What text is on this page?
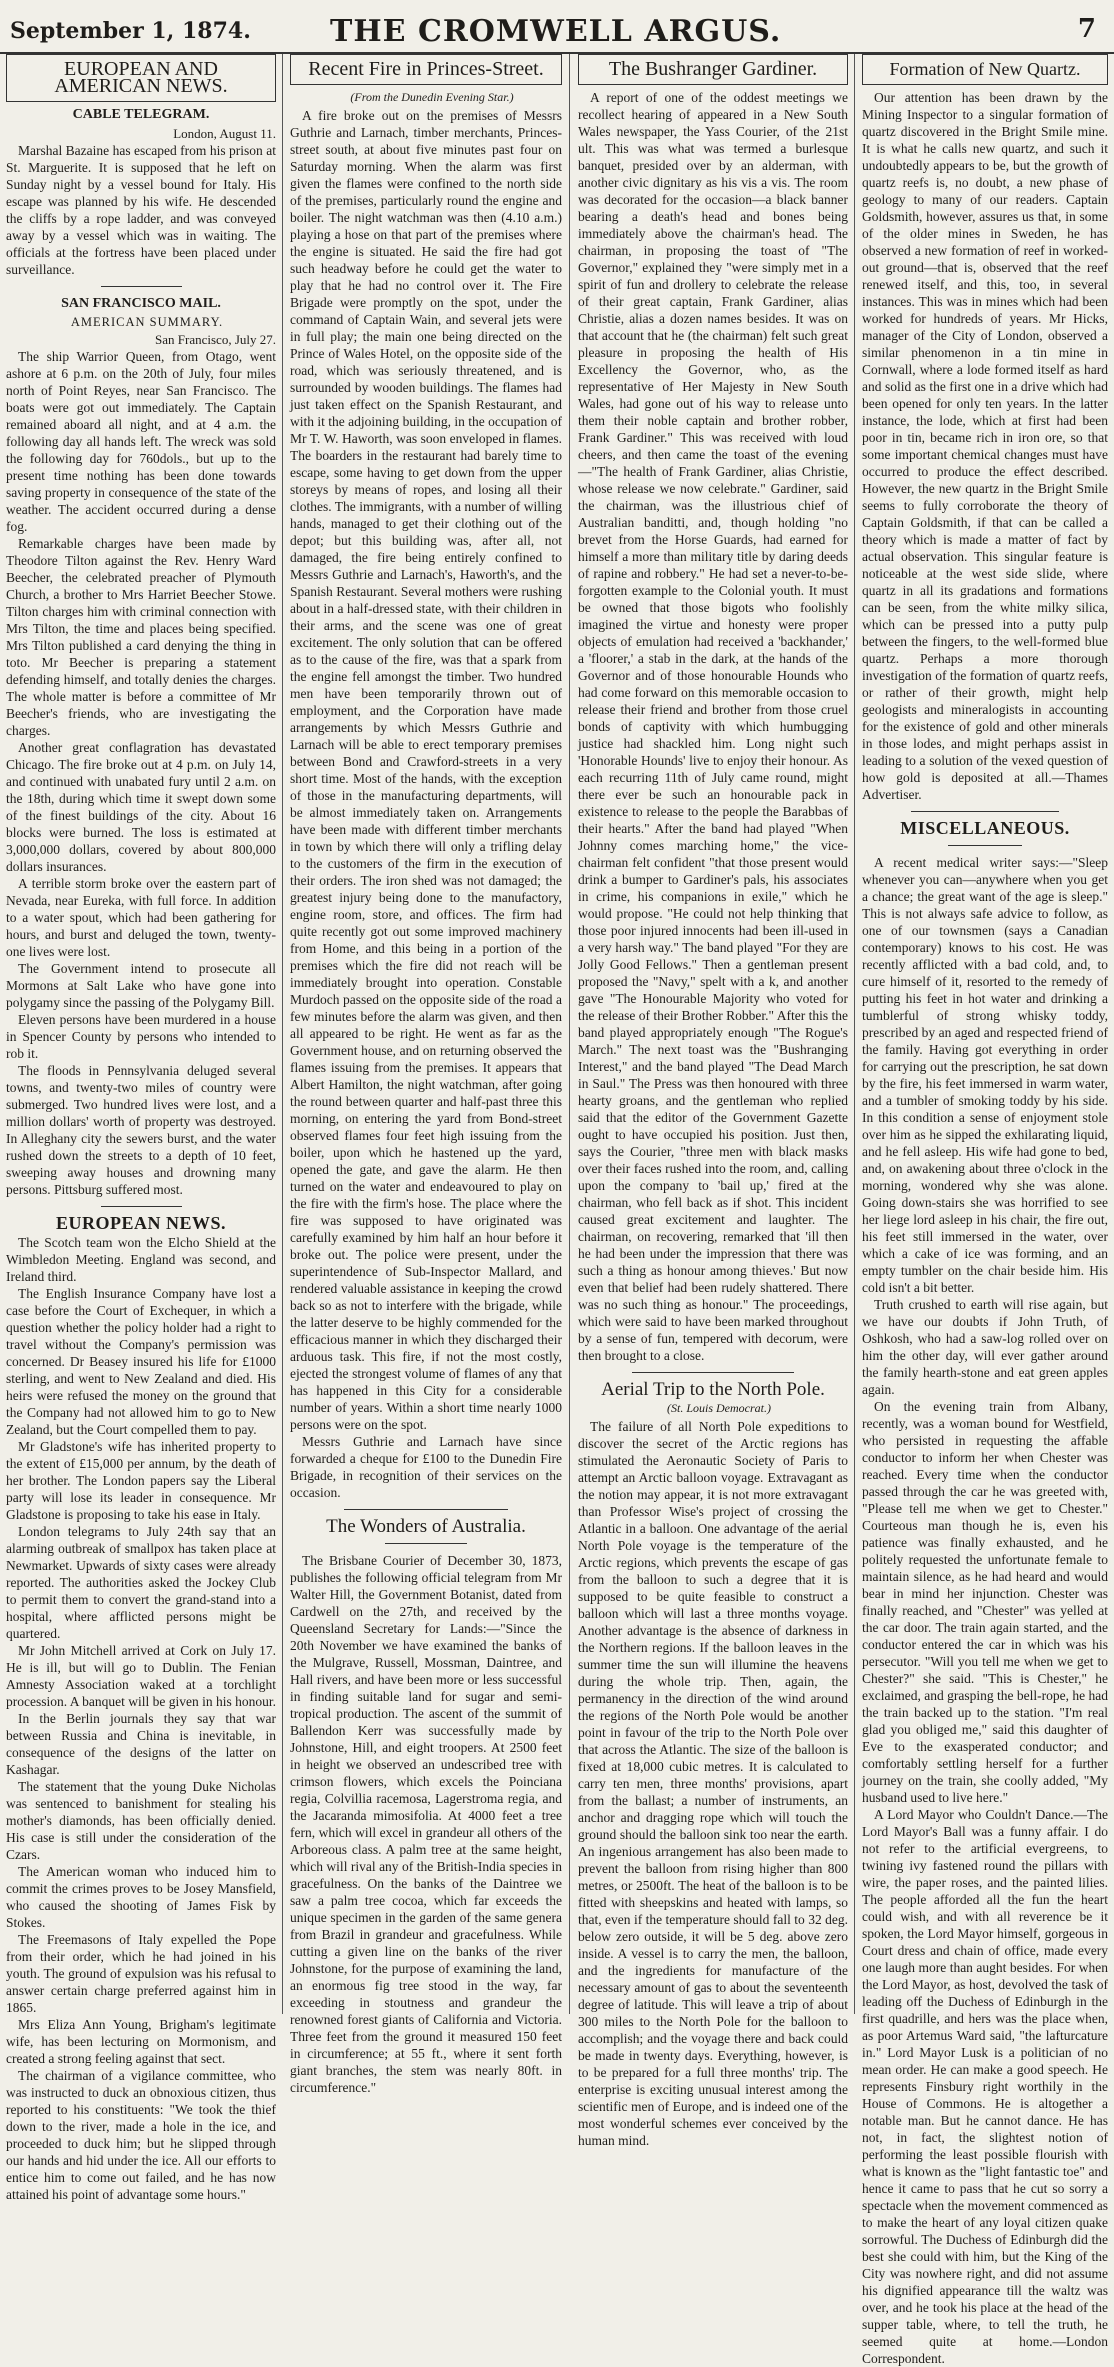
September 1, 1874.	THE CROMWELL ARGUS.	7
EUROPEAN AND AMERICAN NEWS.
CABLE TELEGRAM.

London, August 11.

Marshal Bazaine has escaped from his prison at St. Marguerite. It is supposed that he left on Sunday night by a vessel bound for Italy. His escape was planned by his wife. He descended the cliffs by a rope ladder, and was conveyed away by a vessel which was in waiting. The officials at the fortress have been placed under surveillance.

SAN FRANCISCO MAIL.

AMERICAN SUMMARY.

San Francisco, July 27.

The ship Warrior Queen, from Otago, went ashore at 6 p.m. on the 20th of July, four miles north of Point Reyes, near San Francisco. The boats were got out immediately. The Captain remained aboard all night, and at 4 a.m. the following day all hands left. The wreck was sold the following day for 760dols., but up to the present time nothing has been done towards saving property in consequence of the state of the weather. The accident occurred during a dense fog.

Remarkable charges have been made by Theodore Tilton against the Rev. Henry Ward Beecher, the celebrated preacher of Plymouth Church, a brother to Mrs Harriet Beecher Stowe. Tilton charges him with criminal connection with Mrs Tilton, the time and places being specified. Mrs Tilton published a card denying the thing in toto. Mr Beecher is preparing a statement defending himself, and totally denies the charges. The whole matter is before a committee of Mr Beecher's friends, who are investigating the charges.

Another great conflagration has devastated Chicago. The fire broke out at 4 p.m. on July 14, and continued with unabated fury until 2 a.m. on the 18th, during which time it swept down some of the finest buildings of the city. About 16 blocks were burned. The loss is estimated at 3,000,000 dollars, covered by about 800,000 dollars insurances.

A terrible storm broke over the eastern part of Nevada, near Eureka, with full force. In addition to a water spout, which had been gathering for hours, and burst and deluged the town, twenty-one lives were lost.

The Government intend to prosecute all Mormons at Salt Lake who have gone into polygamy since the passing of the Polygamy Bill.

Eleven persons have been murdered in a house in Spencer County by persons who intended to rob it.

The floods in Pennsylvania deluged several towns, and twenty-two miles of country were submerged. Two hundred lives were lost, and a million dollars' worth of property was destroyed. In Alleghany city the sewers burst, and the water rushed down the streets to a depth of 10 feet, sweeping away houses and drowning many persons. Pittsburg suffered most.

EUROPEAN NEWS.

The Scotch team won the Elcho Shield at the Wimbledon Meeting. England was second, and Ireland third.

The English Insurance Company have lost a case before the Court of Exchequer, in which a question whether the policy holder had a right to travel without the Company's permission was concerned. Dr Beasey insured his life for £1000 sterling, and went to New Zealand and died. His heirs were refused the money on the ground that the Company had not allowed him to go to New Zealand, but the Court compelled them to pay.

Mr Gladstone's wife has inherited property to the extent of £15,000 per annum, by the death of her brother. The London papers say the Liberal party will lose its leader in consequence. Mr Gladstone is proposing to take his ease in Italy.

London telegrams to July 24th say that an alarming outbreak of smallpox has taken place at Newmarket. Upwards of sixty cases were already reported. The authorities asked the Jockey Club to permit them to convert the grand-stand into a hospital, where afflicted persons might be quartered.

Mr John Mitchell arrived at Cork on July 17. He is ill, but will go to Dublin. The Fenian Amnesty Association waked at a torchlight procession. A banquet will be given in his honour.

In the Berlin journals they say that war between Russia and China is inevitable, in consequence of the designs of the latter on Kashagar.

The statement that the young Duke Nicholas was sentenced to banishment for stealing his mother's diamonds, has been officially denied. His case is still under the consideration of the Czars.

The American woman who induced him to commit the crimes proves to be Josey Mansfield, who caused the shooting of James Fisk by Stokes.

The Freemasons of Italy expelled the Pope from their order, which he had joined in his youth. The ground of expulsion was his refusal to answer certain charge preferred against him in 1865.

Mrs Eliza Ann Young, Brigham's legitimate wife, has been lecturing on Mormonism, and created a strong feeling against that sect.

The chairman of a vigilance committee, who was instructed to duck an obnoxious citizen, thus reported to his constituents: "We took the thief down to the river, made a hole in the ice, and proceeded to duck him; but he slipped through our hands and hid under the ice. All our efforts to entice him to come out failed, and he has now attained his point of advantage some hours."

Recent Fire in Princes-Street.

(From the Dunedin Evening Star.)

A fire broke out on the premises of Messrs Guthrie and Larnach, timber merchants, Princes-street south, at about five minutes past four on Saturday morning. When the alarm was first given the flames were confined to the north side of the premises, particularly round the engine and boiler. The night watchman was then (4.10 a.m.) playing a hose on that part of the premises where the engine is situated. He said the fire had got such headway before he could get the water to play that he had no control over it. The Fire Brigade were promptly on the spot, under the command of Captain Wain, and several jets were in full play; the main one being directed on the Prince of Wales Hotel, on the opposite side of the road, which was seriously threatened, and is surrounded by wooden buildings. The flames had just taken effect on the Spanish Restaurant, and with it the adjoining building, in the occupation of Mr T. W. Haworth, was soon enveloped in flames. The boarders in the restaurant had barely time to escape, some having to get down from the upper storeys by means of ropes, and losing all their clothes. The immigrants, with a number of willing hands, managed to get their clothing out of the depot; but this building was, after all, not damaged, the fire being entirely confined to Messrs Guthrie and Larnach's, Haworth's, and the Spanish Restaurant. Several mothers were rushing about in a half-dressed state, with their children in their arms, and the scene was one of great excitement. The only solution that can be offered as to the cause of the fire, was that a spark from the engine fell amongst the timber. Two hundred men have been temporarily thrown out of employment, and the Corporation have made arrangements by which Messrs Guthrie and Larnach will be able to erect temporary premises between Bond and Crawford-streets in a very short time. Most of the hands, with the exception of those in the manufacturing departments, will be almost immediately taken on. Arrangements have been made with different timber merchants in town by which there will only a trifling delay to the customers of the firm in the execution of their orders. The iron shed was not damaged; the greatest injury being done to the manufactory, engine room, store, and offices. The firm had quite recently got out some improved machinery from Home, and this being in a portion of the premises which the fire did not reach will be immediately brought into operation. Constable Murdoch passed on the opposite side of the road a few minutes before the alarm was given, and then all appeared to be right. He went as far as the Government house, and on returning observed the flames issuing from the premises. It appears that Albert Hamilton, the night watchman, after going the round between quarter and half-past three this morning, on entering the yard from Bond-street observed flames four feet high issuing from the boiler, upon which he hastened up the yard, opened the gate, and gave the alarm. He then turned on the water and endeavoured to play on the fire with the firm's hose. The place where the fire was supposed to have originated was carefully examined by him half an hour before it broke out. The police were present, under the superintendence of Sub-Inspector Mallard, and rendered valuable assistance in keeping the crowd back so as not to interfere with the brigade, while the latter deserve to be highly commended for the efficacious manner in which they discharged their arduous task. This fire, if not the most costly, ejected the strongest volume of flames of any that has happened in this City for a considerable number of years. Within a short time nearly 1000 persons were on the spot.

Messrs Guthrie and Larnach have since forwarded a cheque for £100 to the Dunedin Fire Brigade, in recognition of their services on the occasion.

The Wonders of Australia.

The Brisbane Courier of December 30, 1873, publishes the following official telegram from Mr Walter Hill, the Government Botanist, dated from Cardwell on the 27th, and received by the Queensland Secretary for Lands:—"Since the 20th November we have examined the banks of the Mulgrave, Russell, Mossman, Daintree, and Hall rivers, and have been more or less successful in finding suitable land for sugar and semi-tropical production. The ascent of the summit of Ballendon Kerr was successfully made by Johnstone, Hill, and eight troopers. At 2500 feet in height we observed an undescribed tree with crimson flowers, which excels the Poinciana regia, Colvillia racemosa, Lagerstroma regia, and the Jacaranda mimosifolia. At 4000 feet a tree fern, which will excel in grandeur all others of the Arboreous class. A palm tree at the same height, which will rival any of the British-India species in gracefulness. On the banks of the Daintree we saw a palm tree cocoa, which far exceeds the unique specimen in the garden of the same genera from Brazil in grandeur and gracefulness. While cutting a given line on the banks of the river Johnstone, for the purpose of examining the land, an enormous fig tree stood in the way, far exceeding in stoutness and grandeur the renowned forest giants of California and Victoria. Three feet from the ground it measured 150 feet in circumference; at 55 ft., where it sent forth giant branches, the stem was nearly 80ft. in circumference."

The Bushranger Gardiner.

A report of one of the oddest meetings we recollect hearing of appeared in a New South Wales newspaper, the Yass Courier, of the 21st ult. This was what was termed a burlesque banquet, presided over by an alderman, with another civic dignitary as his vis a vis. The room was decorated for the occasion—a black banner bearing a death's head and bones being immediately above the chairman's head. The chairman, in proposing the toast of "The Governor," explained they "were simply met in a spirit of fun and drollery to celebrate the release of their great captain, Frank Gardiner, alias Christie, alias a dozen names besides. It was on that account that he (the chairman) felt such great pleasure in proposing the health of His Excellency the Governor, who, as the representative of Her Majesty in New South Wales, had gone out of his way to release unto them their noble captain and brother robber, Frank Gardiner." This was received with loud cheers, and then came the toast of the evening—"The health of Frank Gardiner, alias Christie, whose release we now celebrate." Gardiner, said the chairman, was the illustrious chief of Australian banditti, and, though holding "no brevet from the Horse Guards, had earned for himself a more than military title by daring deeds of rapine and robbery." He had set a never-to-be-forgotten example to the Colonial youth. It must be owned that those bigots who foolishly imagined the virtue and honesty were proper objects of emulation had received a 'backhander,' a 'floorer,' a stab in the dark, at the hands of the Governor and of those honourable Hounds who had come forward on this memorable occasion to release their friend and brother from those cruel bonds of captivity with which humbugging justice had shackled him. Long night such 'Honorable Hounds' live to enjoy their honour. As each recurring 11th of July came round, might there ever be such an honourable pack in existence to release to the people the Barabbas of their hearts." After the band had played "When Johnny comes marching home," the vice-chairman felt confident "that those present would drink a bumper to Gardiner's pals, his associates in crime, his companions in exile," which he would propose. "He could not help thinking that those poor injured innocents had been ill-used in a very harsh way." The band played "For they are Jolly Good Fellows." Then a gentleman present proposed the "Navy," spelt with a k, and another gave "The Honourable Majority who voted for the release of their Brother Robber." After this the band played appropriately enough "The Rogue's March." The next toast was the "Bushranging Interest," and the band played "The Dead March in Saul." The Press was then honoured with three hearty groans, and the gentleman who replied said that the editor of the Government Gazette ought to have occupied his position. Just then, says the Courier, "three men with black masks over their faces rushed into the room, and, calling upon the company to 'bail up,' fired at the chairman, who fell back as if shot. This incident caused great excitement and laughter. The chairman, on recovering, remarked that 'ill then he had been under the impression that there was such a thing as honour among thieves.' But now even that belief had been rudely shattered. There was no such thing as honour." The proceedings, which were said to have been marked throughout by a sense of fun, tempered with decorum, were then brought to a close.

Aerial Trip to the North Pole.

(St. Louis Democrat.)

The failure of all North Pole expeditions to discover the secret of the Arctic regions has stimulated the Aeronautic Society of Paris to attempt an Arctic balloon voyage. Extravagant as the notion may appear, it is not more extravagant than Professor Wise's project of crossing the Atlantic in a balloon. One advantage of the aerial North Pole voyage is the temperature of the Arctic regions, which prevents the escape of gas from the balloon to such a degree that it is supposed to be quite feasible to construct a balloon which will last a three months voyage. Another advantage is the absence of darkness in the Northern regions. If the balloon leaves in the summer time the sun will illumine the heavens during the whole trip. Then, again, the permanency in the direction of the wind around the regions of the North Pole would be another point in favour of the trip to the North Pole over that across the Atlantic. The size of the balloon is fixed at 18,000 cubic metres. It is calculated to carry ten men, three months' provisions, apart from the ballast; a number of instruments, an anchor and dragging rope which will touch the ground should the balloon sink too near the earth. An ingenious arrangement has also been made to prevent the balloon from rising higher than 800 metres, or 2500ft. The heat of the balloon is to be fitted with sheepskins and heated with lamps, so that, even if the temperature should fall to 32 deg. below zero outside, it will be 5 deg. above zero inside. A vessel is to carry the men, the balloon, and the ingredients for manufacture of the necessary amount of gas to about the seventeenth degree of latitude. This will leave a trip of about 300 miles to the North Pole for the balloon to accomplish; and the voyage there and back could be made in twenty days. Everything, however, is to be prepared for a full three months' trip. The enterprise is exciting unusual interest among the scientific men of Europe, and is indeed one of the most wonderful schemes ever conceived by the human mind.

Formation of New Quartz.

Our attention has been drawn by the Mining Inspector to a singular formation of quartz discovered in the Bright Smile mine. It is what he calls new quartz, and such it undoubtedly appears to be, but the growth of quartz reefs is, no doubt, a new phase of geology to many of our readers. Captain Goldsmith, however, assures us that, in some of the older mines in Sweden, he has observed a new formation of reef in worked-out ground—that is, observed that the reef renewed itself, and this, too, in several instances. This was in mines which had been worked for hundreds of years. Mr Hicks, manager of the City of London, observed a similar phenomenon in a tin mine in Cornwall, where a lode formed itself as hard and solid as the first one in a drive which had been opened for only ten years. In the latter instance, the lode, which at first had been poor in tin, became rich in iron ore, so that some important chemical changes must have occurred to produce the effect described. However, the new quartz in the Bright Smile seems to fully corroborate the theory of Captain Goldsmith, if that can be called a theory which is made a matter of fact by actual observation. This singular feature is noticeable at the west side slide, where quartz in all its gradations and formations can be seen, from the white milky silica, which can be pressed into a putty pulp between the fingers, to the well-formed blue quartz. Perhaps a more thorough investigation of the formation of quartz reefs, or rather of their growth, might help geologists and mineralogists in accounting for the existence of gold and other minerals in those lodes, and might perhaps assist in leading to a solution of the vexed question of how gold is deposited at all.—Thames Advertiser.

MISCELLANEOUS.

A recent medical writer says:—"Sleep whenever you can—anywhere when you get a chance; the great want of the age is sleep." This is not always safe advice to follow, as one of our townsmen (says a Canadian contemporary) knows to his cost. He was recently afflicted with a bad cold, and, to cure himself of it, resorted to the remedy of putting his feet in hot water and drinking a tumblerful of strong whisky toddy, prescribed by an aged and respected friend of the family. Having got everything in order for carrying out the prescription, he sat down by the fire, his feet immersed in warm water, and a tumbler of smoking toddy by his side. In this condition a sense of enjoyment stole over him as he sipped the exhilarating liquid, and he fell asleep. His wife had gone to bed, and, on awakening about three o'clock in the morning, wondered why she was alone. Going down-stairs she was horrified to see her liege lord asleep in his chair, the fire out, his feet still immersed in the water, over which a cake of ice was forming, and an empty tumbler on the chair beside him. His cold isn't a bit better.

Truth crushed to earth will rise again, but we have our doubts if John Truth, of Oshkosh, who had a saw-log rolled over on him the other day, will ever gather around the family hearth-stone and eat green apples again.

On the evening train from Albany, recently, was a woman bound for Westfield, who persisted in requesting the affable conductor to inform her when Chester was reached. Every time when the conductor passed through the car he was greeted with, "Please tell me when we get to Chester." Courteous man though he is, even his patience was finally exhausted, and he politely requested the unfortunate female to maintain silence, as he had heard and would bear in mind her injunction. Chester was finally reached, and "Chester" was yelled at the car door. The train again started, and the conductor entered the car in which was his persecutor. "Will you tell me when we get to Chester?" she said. "This is Chester," he exclaimed, and grasping the bell-rope, he had the train backed up to the station. "I'm real glad you obliged me," said this daughter of Eve to the exasperated conductor; and comfortably settling herself for a further journey on the train, she coolly added, "My husband used to live here."

A Lord Mayor who Couldn't Dance.—The Lord Mayor's Ball was a funny affair. I do not refer to the artificial evergreens, to twining ivy fastened round the pillars with wire, the paper roses, and the painted lilies. The people afforded all the fun the heart could wish, and with all reverence be it spoken, the Lord Mayor himself, gorgeous in Court dress and chain of office, made every one laugh more than aught besides. For when the Lord Mayor, as host, devolved the task of leading off the Duchess of Edinburgh in the first quadrille, and hers was the place when, as poor Artemus Ward said, "the lafturcature in." Lord Mayor Lusk is a politician of no mean order. He can make a good speech. He represents Finsbury right worthily in the House of Commons. He is altogether a notable man. But he cannot dance. He has not, in fact, the slightest notion of performing the least possible flourish with what is known as the "light fantastic toe" and hence it came to pass that he cut so sorry a spectacle when the movement commenced as to make the heart of any loyal citizen quake sorrowful. The Duchess of Edinburgh did the best she could with him, but the King of the City was nowhere right, and did not assume his dignified appearance till the waltz was over, and he took his place at the head of the supper table, where, to tell the truth, he seemed quite at home.—London Correspondent.
